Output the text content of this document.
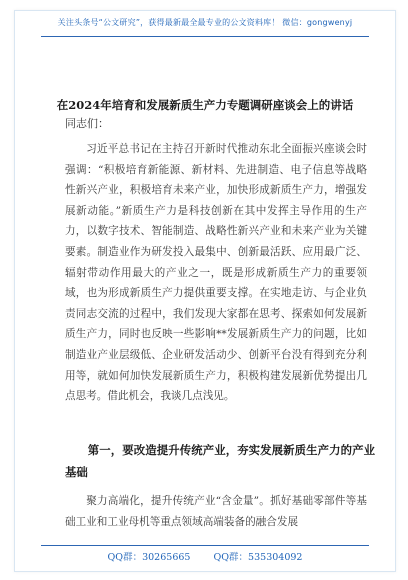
关注头条号“公文研究”，获得最新最全最专业的公文资料库！ 微信：gongwenyj
在2024年培育和发展新质生产力专题调研座谈会上的讲话
同志们：

习近平总书记在主持召开新时代推动东北全面振兴座谈会时强调：“积极培育新能源、新材料、先进制造、电子信息等战略性新兴产业，积极培育未来产业，加快形成新质生产力，增强发展新动能。”新质生产力是科技创新在其中发挥主导作用的生产力，以数字技术、智能制造、战略性新兴产业和未来产业为关键要素。制造业作为研发投入最集中、创新最活跃、应用最广泛、辐射带动作用最大的产业之一，既是形成新质生产力的重要领域，也为形成新质生产力提供重要支撑。在实地走访、与企业负责同志交流的过程中，我们发现大家都在思考、探索如何发展新质生产力，同时也反映一些影响**发展新质生产力的问题，比如制造业产业层级低、企业研发活动少、创新平台没有得到充分利用等，就如何加快发展新质生产力，积极构建发展新优势提出几点思考。借此机会，我谈几点浅见。

第一，要改造提升传统产业，夯实发展新质生产力的产业基础

聚力高端化，提升传统产业“含金量”。抓好基础零部件等基础工业和工业母机等重点领域高端装备的融合发展

QQ群：30265665 QQ群：535304092
